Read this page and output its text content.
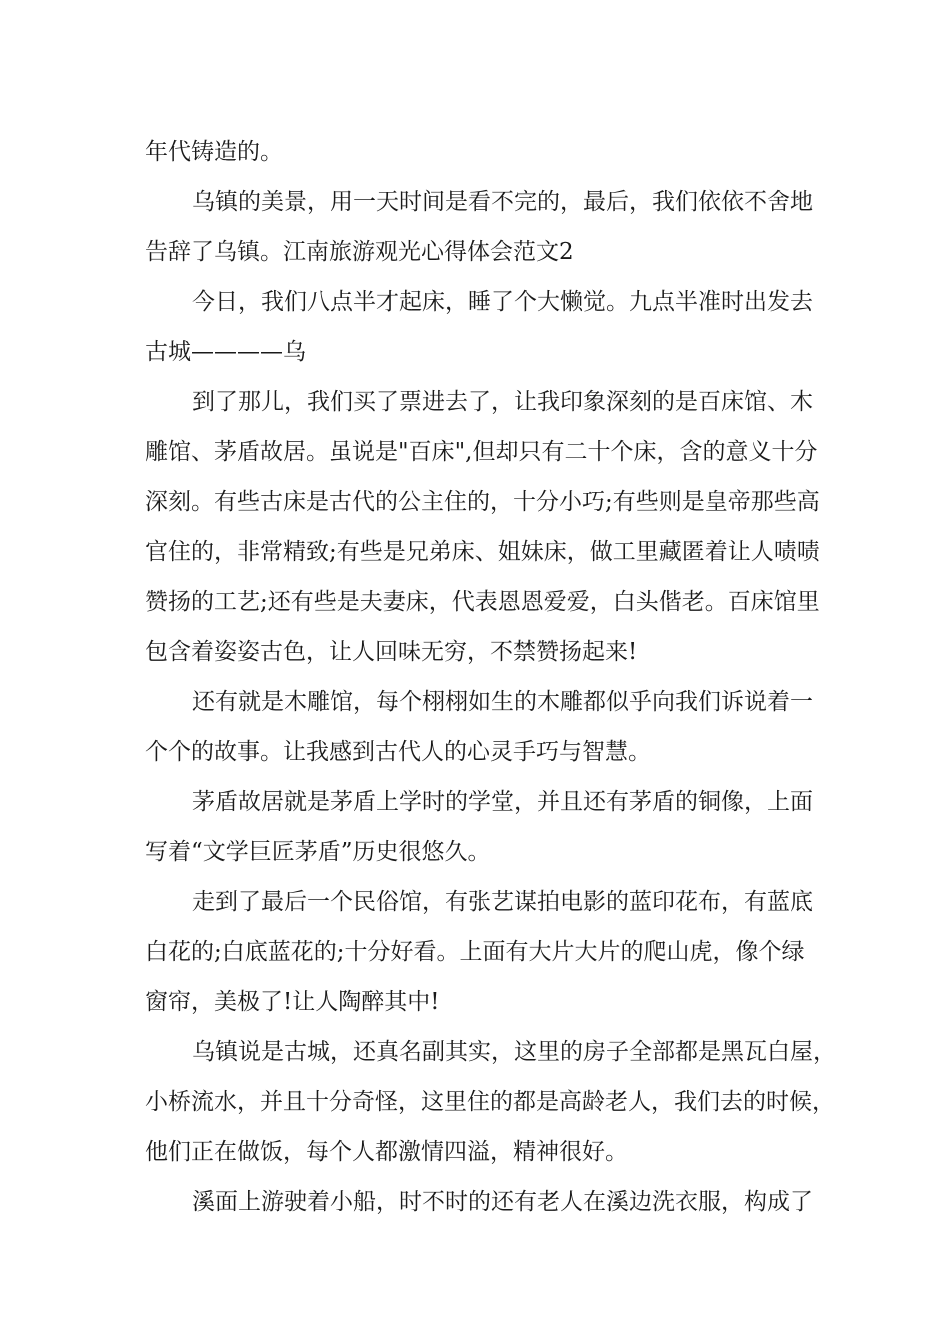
年代铸造的。
乌镇的美景，用一天时间是看不完的，最后，我们依依不舍地
告辞了乌镇。江南旅游观光心得体会范文2
今日，我们八点半才起床，睡了个大懒觉。九点半准时出发去
古城————乌
到了那儿，我们买了票进去了，让我印象深刻的是百床馆、木
雕馆、茅盾故居。虽说是"百床",但却只有二十个床，含的意义十分
深刻。有些古床是古代的公主住的，十分小巧;有些则是皇帝那些高
官住的，非常精致;有些是兄弟床、姐妹床，做工里藏匿着让人啧啧
赞扬的工艺;还有些是夫妻床，代表恩恩爱爱，白头偕老。百床馆里
包含着姿姿古色，让人回味无穷，不禁赞扬起来!
还有就是木雕馆，每个栩栩如生的木雕都似乎向我们诉说着一
个个的故事。让我感到古代人的心灵手巧与智慧。
茅盾故居就是茅盾上学时的学堂，并且还有茅盾的铜像，上面
写着“文学巨匠茅盾”历史很悠久。
走到了最后一个民俗馆，有张艺谋拍电影的蓝印花布，有蓝底
白花的;白底蓝花的;十分好看。上面有大片大片的爬山虎，像个绿
窗帘，美极了!让人陶醉其中!
乌镇说是古城，还真名副其实，这里的房子全部都是黑瓦白屋，
小桥流水，并且十分奇怪，这里住的都是高龄老人，我们去的时候，
他们正在做饭，每个人都激情四溢，精神很好。
溪面上游驶着小船，时不时的还有老人在溪边洗衣服，构成了
